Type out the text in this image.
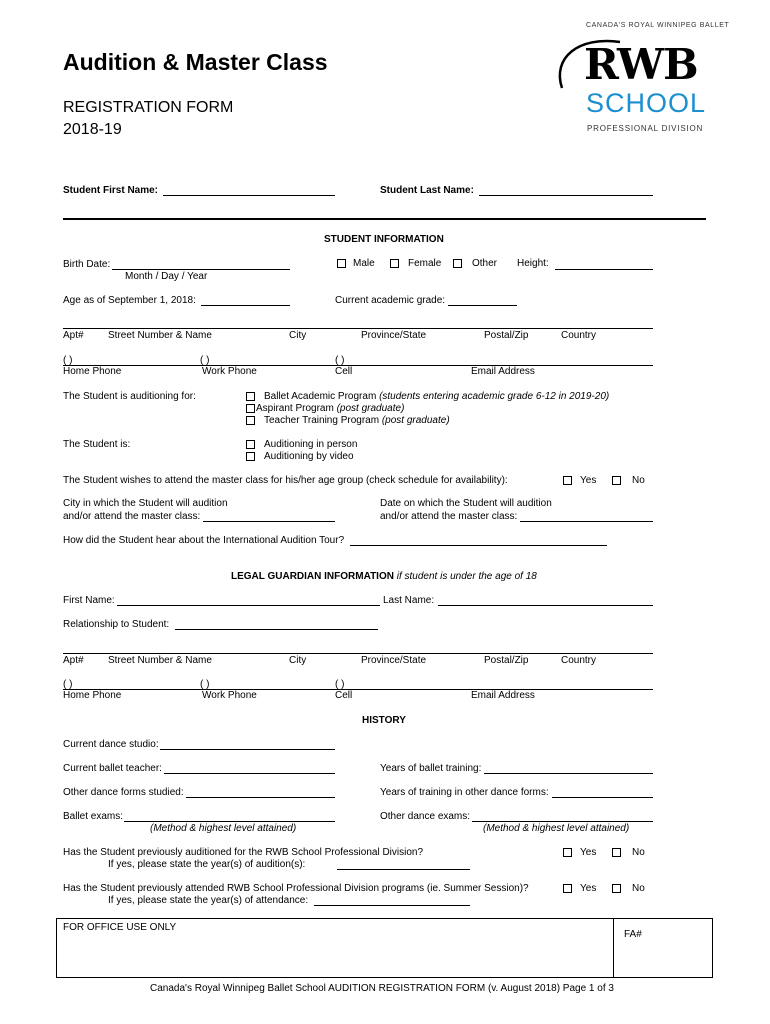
Audition & Master Class
REGISTRATION FORM
2018-19
CANADA'S ROYAL WINNIPEG BALLET
RWB
SCHOOL
PROFESSIONAL DIVISION
Student First Name:	Student Last Name:
STUDENT INFORMATION
Birth Date:
Month / Day / Year
Male	Female	Other Height:
Age as of September 1, 2018:	Current academic grade:
Apt# Street Number & Name	City	Province/State	Postal/Zip	Country
( )	( )	( )
Home Phone	Work Phone	Cell	Email Address
The Student is auditioning for:	Ballet Academic Program (students entering academic grade 6-12 in 2019-20)
Aspirant Program (post graduate)
Teacher Training Program (post graduate)
The Student is:	Auditioning in person
Auditioning by video
The Student wishes to attend the master class for his/her age group (check schedule for availability):	Yes	No
City in which the Student will audition
and/or attend the master class:
Date on which the Student will audition
and/or attend the master class:
How did the Student hear about the International Audition Tour?
LEGAL GUARDIAN INFORMATION if student is under the age of 18
First Name:	Last Name:
Relationship to Student:
Apt# Street Number & Name	City	Province/State	Postal/Zip	Country
( )	( )	( )
Home Phone	Work Phone	Cell	Email Address
HISTORY
Current dance studio:
Current ballet teacher:	Years of ballet training:
Other dance forms studied:	Years of training in other dance forms:
Ballet exams:
(Method & highest level attained)
Other dance exams:
(Method & highest level attained)
Has the Student previously auditioned for the RWB School Professional Division?
If yes, please state the year(s) of audition(s):
Yes	No
Has the Student previously attended RWB School Professional Division programs (ie. Summer Session)?
If yes, please state the year(s) of attendance:
Yes	No
FOR OFFICE USE ONLY
FA#
Canada's Royal Winnipeg Ballet School AUDITION REGISTRATION FORM (v. August 2018) Page 1 of 3
